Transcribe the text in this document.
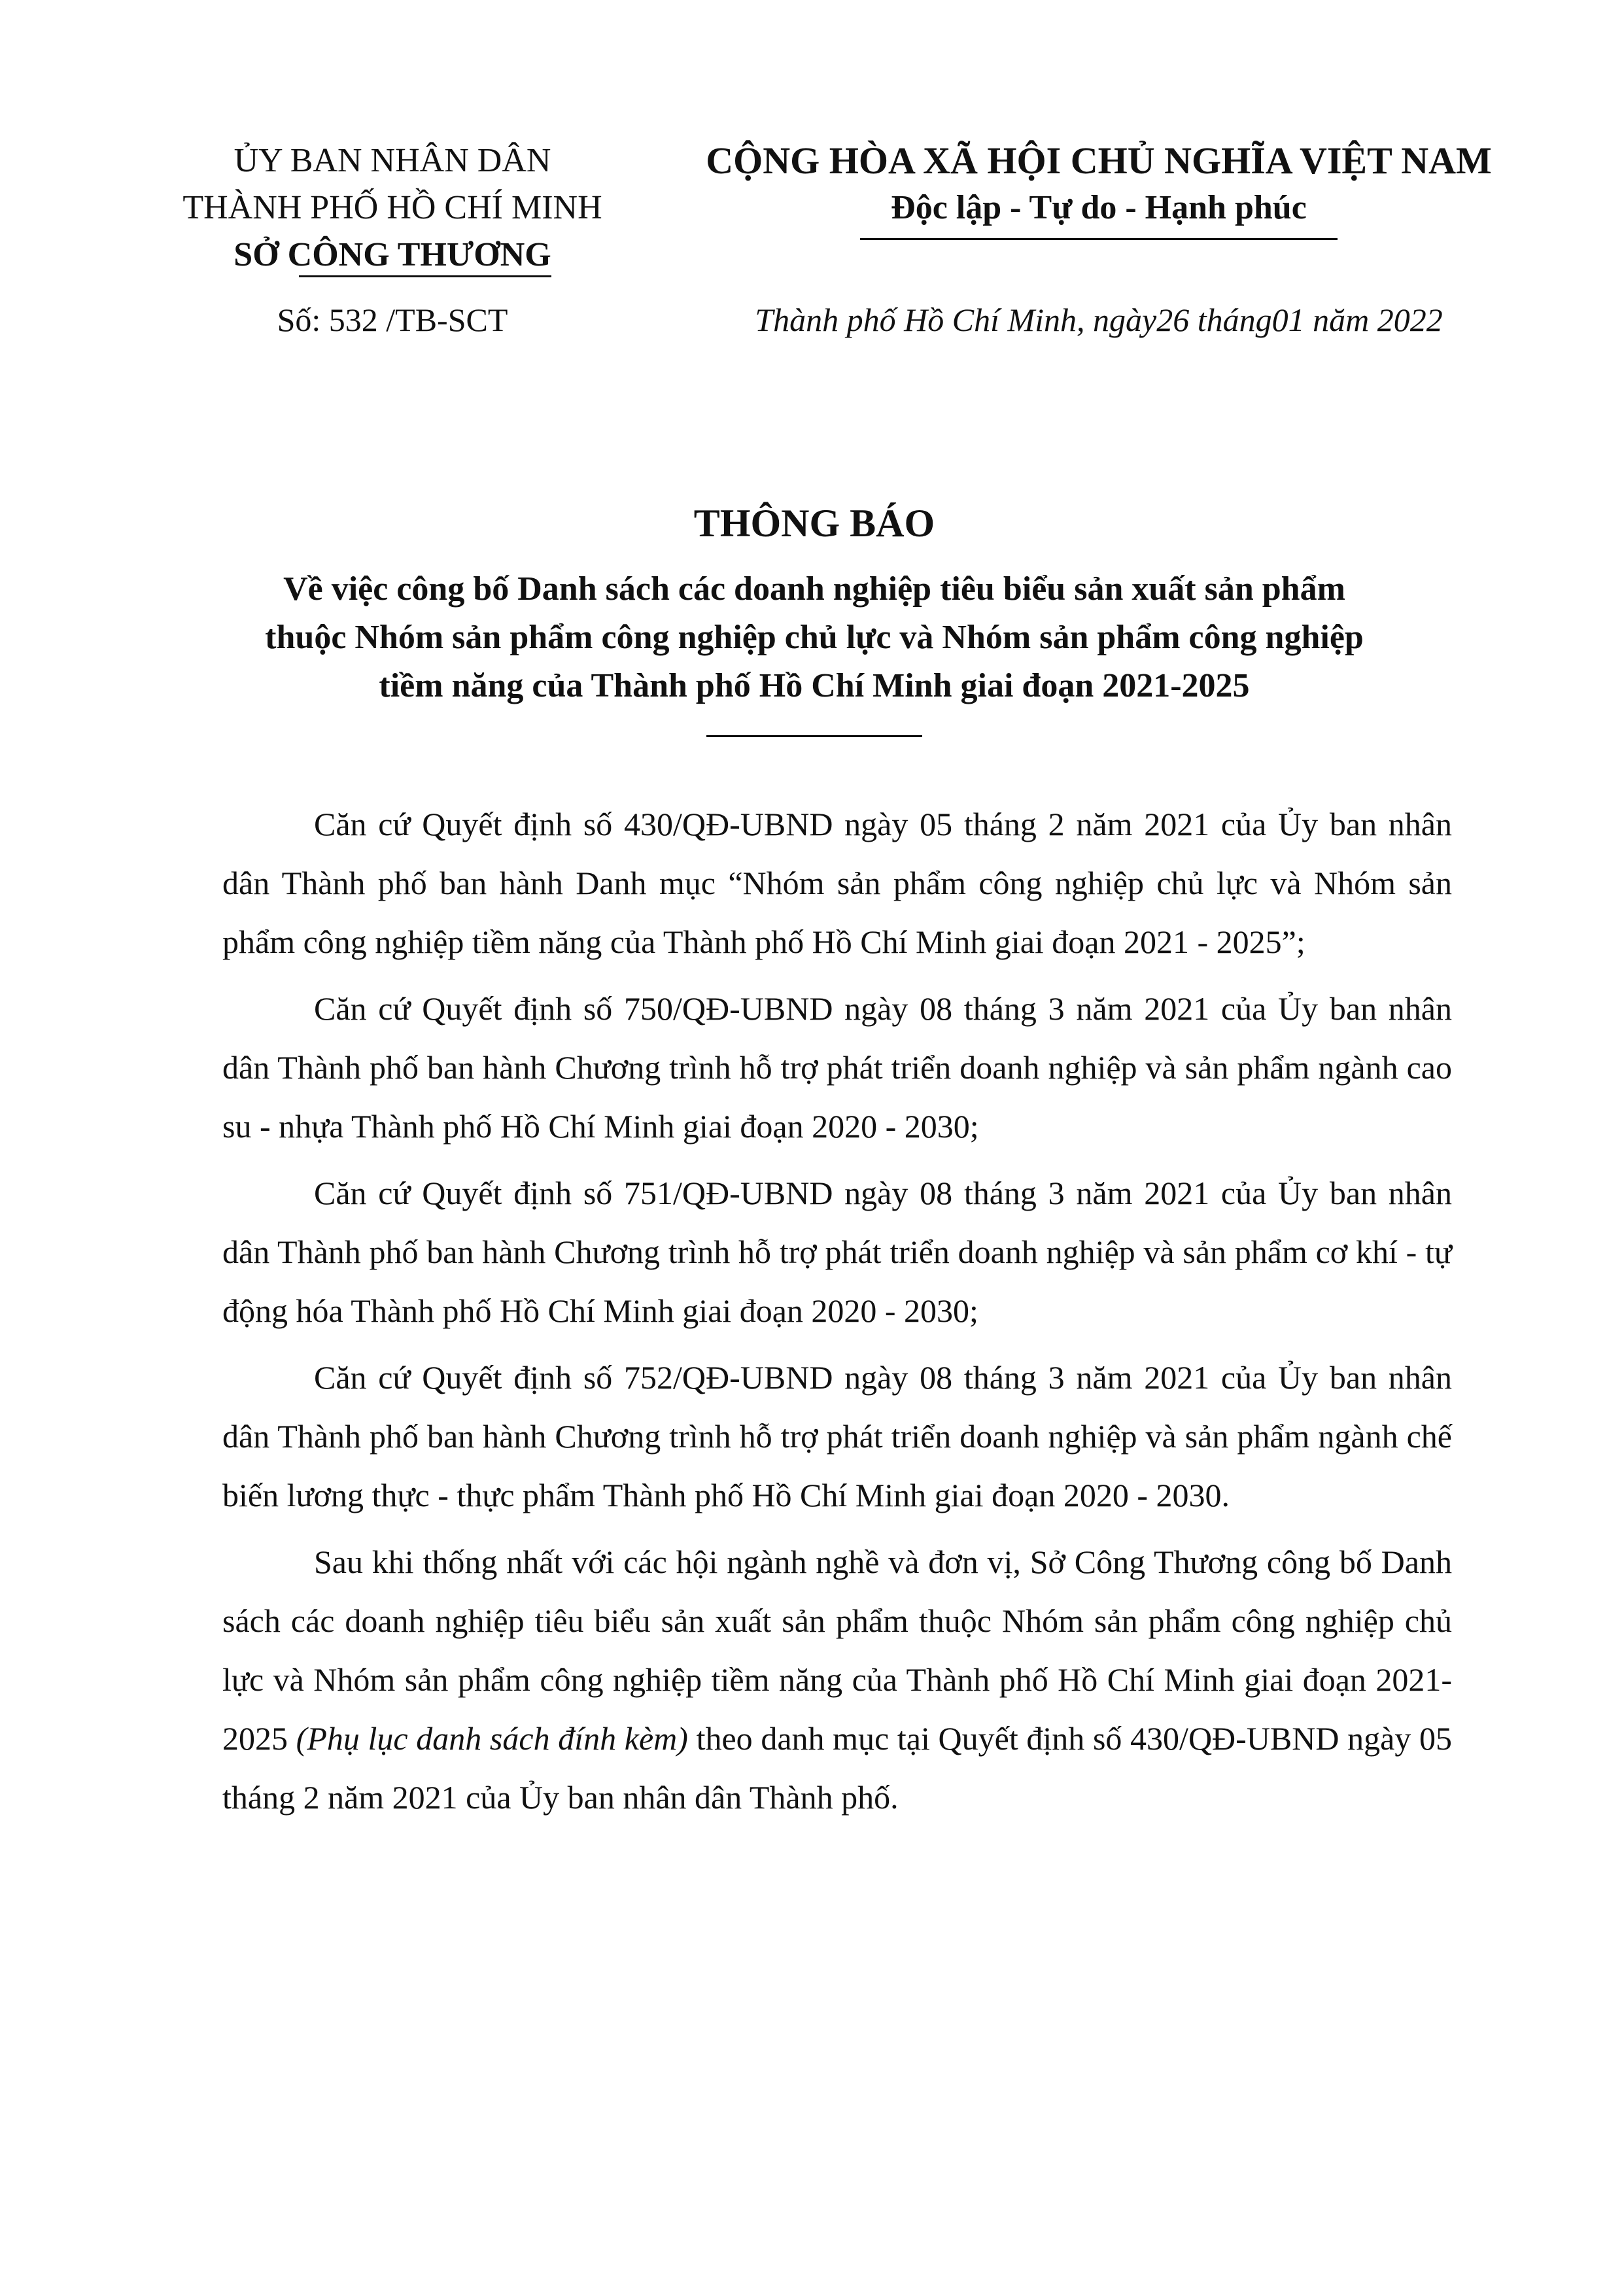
ỦY BAN NHÂN DÂN
THÀNH PHỐ HỒ CHÍ MINH
SỞ CÔNG THƯƠNG
CỘNG HÒA XÃ HỘI CHỦ NGHĨA VIỆT NAM
Độc lập - Tự do - Hạnh phúc
Số: 532 /TB-SCT	Thành phố Hồ Chí Minh, ngày26 tháng01 năm 2022
THÔNG BÁO
Về việc công bố Danh sách các doanh nghiệp tiêu biểu sản xuất sản phẩm
thuộc Nhóm sản phẩm công nghiệp chủ lực và Nhóm sản phẩm công nghiệp
tiềm năng của Thành phố Hồ Chí Minh giai đoạn 2021-2025

Căn cứ Quyết định số 430/QĐ-UBND ngày 05 tháng 2 năm 2021 của Ủy ban nhân dân Thành phố ban hành Danh mục “Nhóm sản phẩm công nghiệp chủ lực và Nhóm sản phẩm công nghiệp tiềm năng của Thành phố Hồ Chí Minh giai đoạn 2021 - 2025”;

Căn cứ Quyết định số 750/QĐ-UBND ngày 08 tháng 3 năm 2021 của Ủy ban nhân dân Thành phố ban hành Chương trình hỗ trợ phát triển doanh nghiệp và sản phẩm ngành cao su - nhựa Thành phố Hồ Chí Minh giai đoạn 2020 - 2030;

Căn cứ Quyết định số 751/QĐ-UBND ngày 08 tháng 3 năm 2021 của Ủy ban nhân dân Thành phố ban hành Chương trình hỗ trợ phát triển doanh nghiệp và sản phẩm cơ khí - tự động hóa Thành phố Hồ Chí Minh giai đoạn 2020 - 2030;

Căn cứ Quyết định số 752/QĐ-UBND ngày 08 tháng 3 năm 2021 của Ủy ban nhân dân Thành phố ban hành Chương trình hỗ trợ phát triển doanh nghiệp và sản phẩm ngành chế biến lương thực - thực phẩm Thành phố Hồ Chí Minh giai đoạn 2020 - 2030.

Sau khi thống nhất với các hội ngành nghề và đơn vị, Sở Công Thương công bố Danh sách các doanh nghiệp tiêu biểu sản xuất sản phẩm thuộc Nhóm sản phẩm công nghiệp chủ lực và Nhóm sản phẩm công nghiệp tiềm năng của Thành phố Hồ Chí Minh giai đoạn 2021-2025 (Phụ lục danh sách đính kèm) theo danh mục tại Quyết định số 430/QĐ-UBND ngày 05 tháng 2 năm 2021 của Ủy ban nhân dân Thành phố.
